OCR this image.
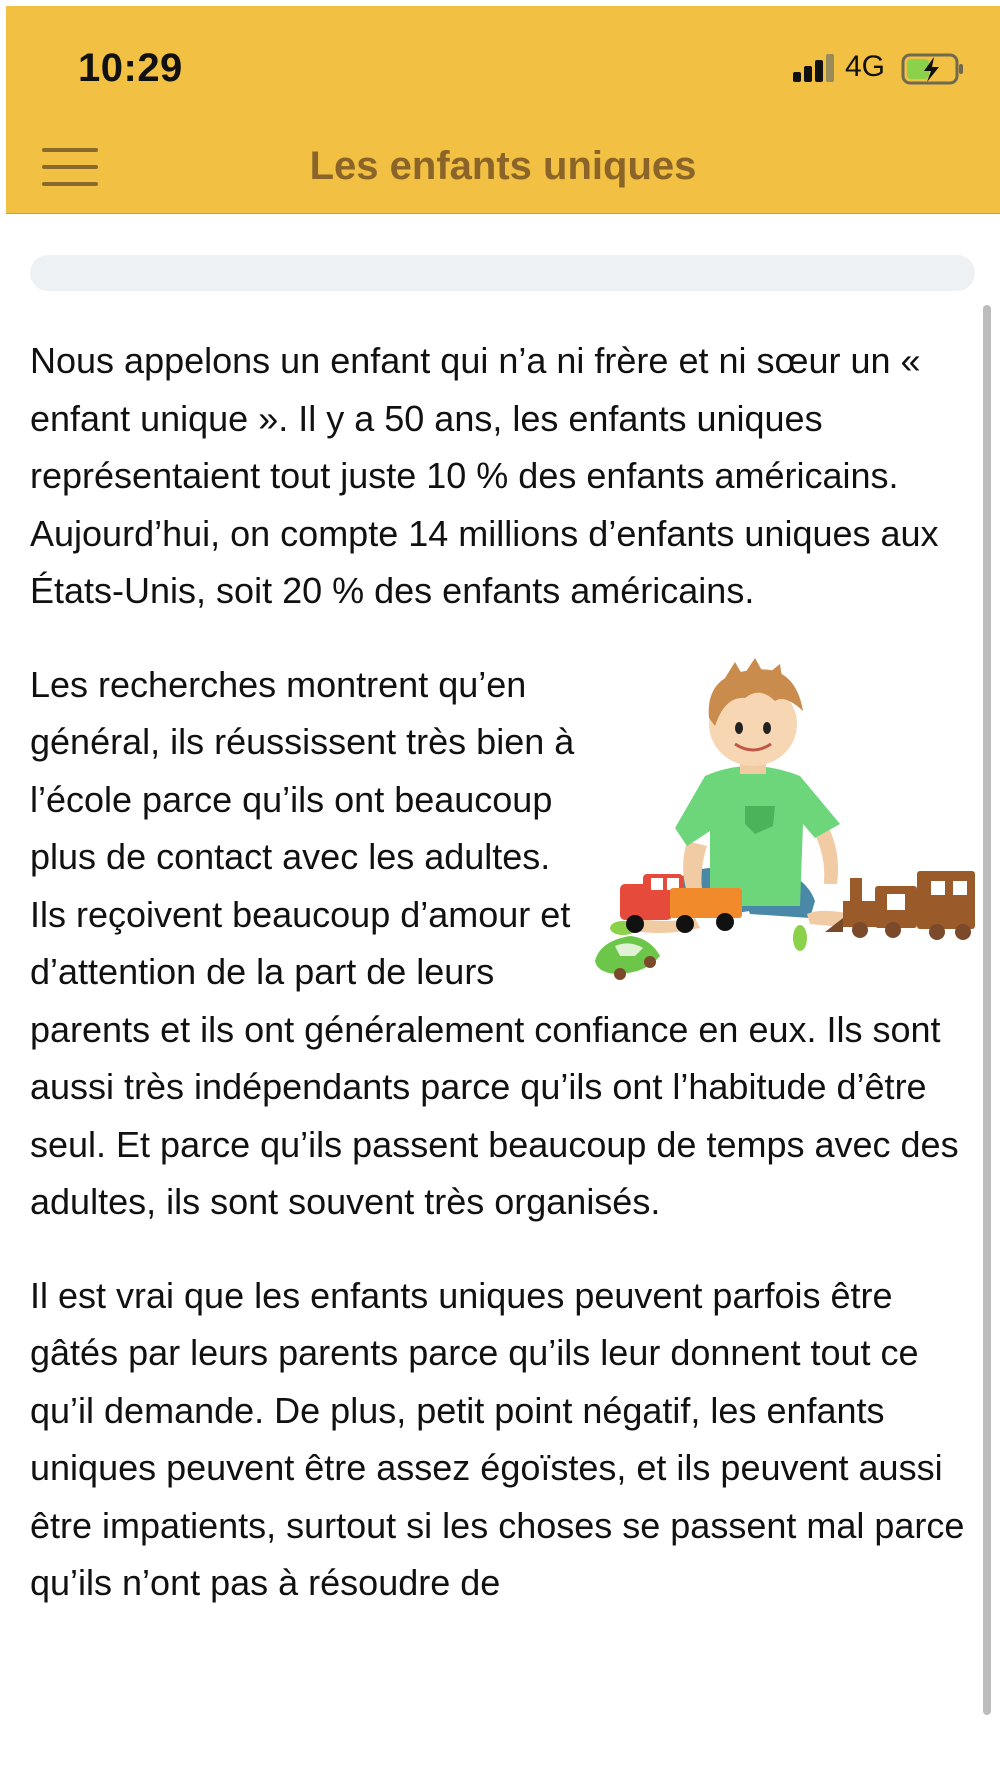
10:29	4G
Les enfants uniques

Nous appelons un enfant qui n’a ni frère et ni sœur un « enfant unique ». Il y a 50 ans, les enfants uniques représentaient tout juste 10 % des enfants américains. Aujourd’hui, on compte 14 millions d’enfants uniques aux États-Unis, soit 20 % des enfants américains.

Les recherches montrent qu’en général, ils réussissent très bien à l’école parce qu’ils ont beaucoup plus de contact avec les adultes. Ils reçoivent beaucoup d’amour et d’attention de la part de leurs parents et ils ont généralement confiance en eux. Ils sont aussi très indépendants parce qu’ils ont l’habitude d’être seul. Et parce qu’ils passent beaucoup de temps avec des adultes, ils sont souvent très organisés.

Il est vrai que les enfants uniques peuvent parfois être gâtés par leurs parents parce qu’ils leur donnent tout ce qu’il demande. De plus, petit point négatif, les enfants uniques peuvent être assez égoïstes, et ils peuvent aussi être impatients, surtout si les choses se passent mal parce qu’ils n’ont pas à résoudre de
